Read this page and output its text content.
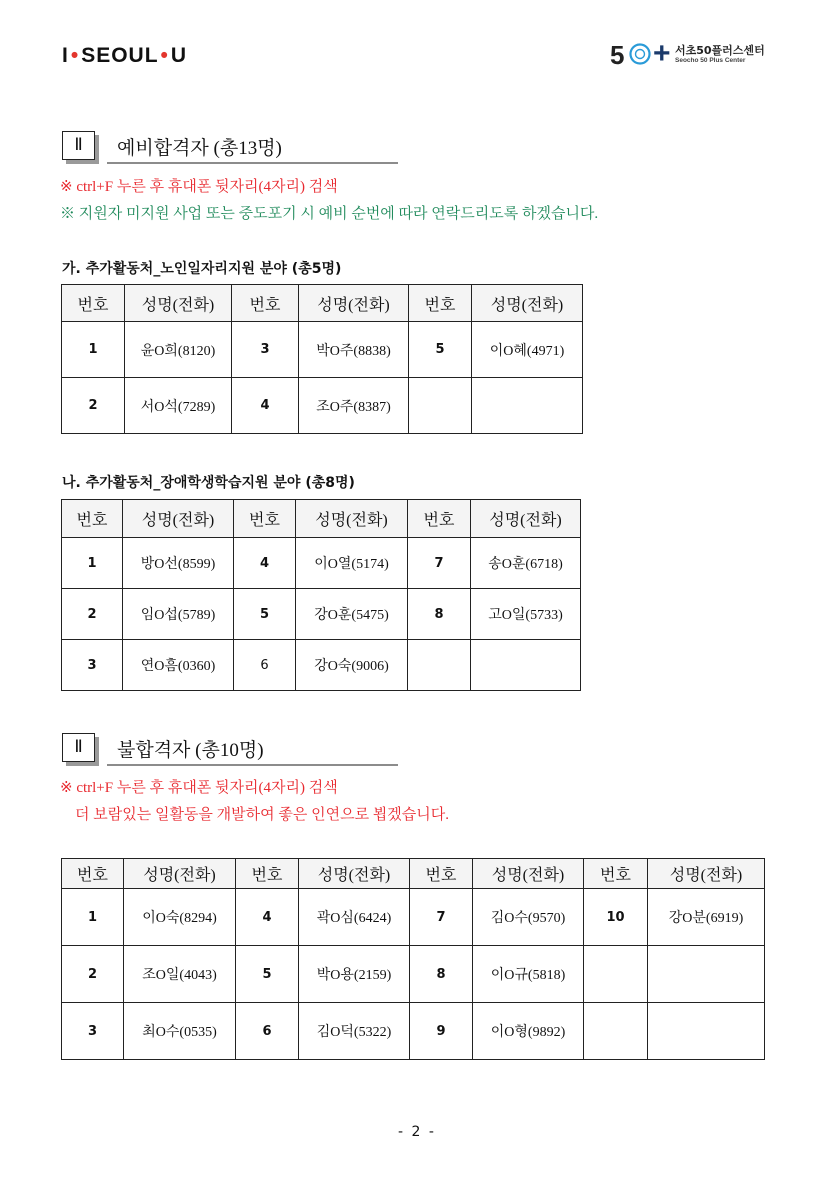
I•SEOUL•U	5 + 서초50플러스센터
Seocho 50 Plus Center
Ⅱ	예비합격자 (총13명)
※ ctrl+F 누른 후 휴대폰 뒷자리(4자리) 검색
※ 지원자 미지원 사업 또는 중도포기 시 예비 순번에 따라 연락드리도록 하겠습니다.
가. 추가활동처_노인일자리지원 분야 (총5명)
번호	성명(전화)	번호	성명(전화)	번호	성명(전화)
1	윤O희(8120)	3	박O주(8838)	5	이O혜(4971)
2	서O석(7289)	4	조O주(8387)		
나. 추가활동처_장애학생학습지원 분야 (총8명)
번호	성명(전화)	번호	성명(전화)	번호	성명(전화)
1	방O선(8599)	4	이O열(5174)	7	송O훈(6718)
2	임O섭(5789)	5	강O훈(5475)	8	고O일(5733)
3	연O흠(0360)	6	강O숙(9006)		
Ⅱ	불합격자 (총10명)
※ ctrl+F 누른 후 휴대폰 뒷자리(4자리) 검색
더 보람있는 일활동을 개발하여 좋은 인연으로 뵙겠습니다.
번호	성명(전화)	번호	성명(전화)	번호	성명(전화)	번호	성명(전화)
1	이O숙(8294)	4	곽O심(6424)	7	김O수(9570)	10	강O분(6919)
2	조O일(4043)	5	박O용(2159)	8	이O규(5818)		
3	최O수(0535)	6	김O덕(5322)	9	이O형(9892)		
- 2 -
